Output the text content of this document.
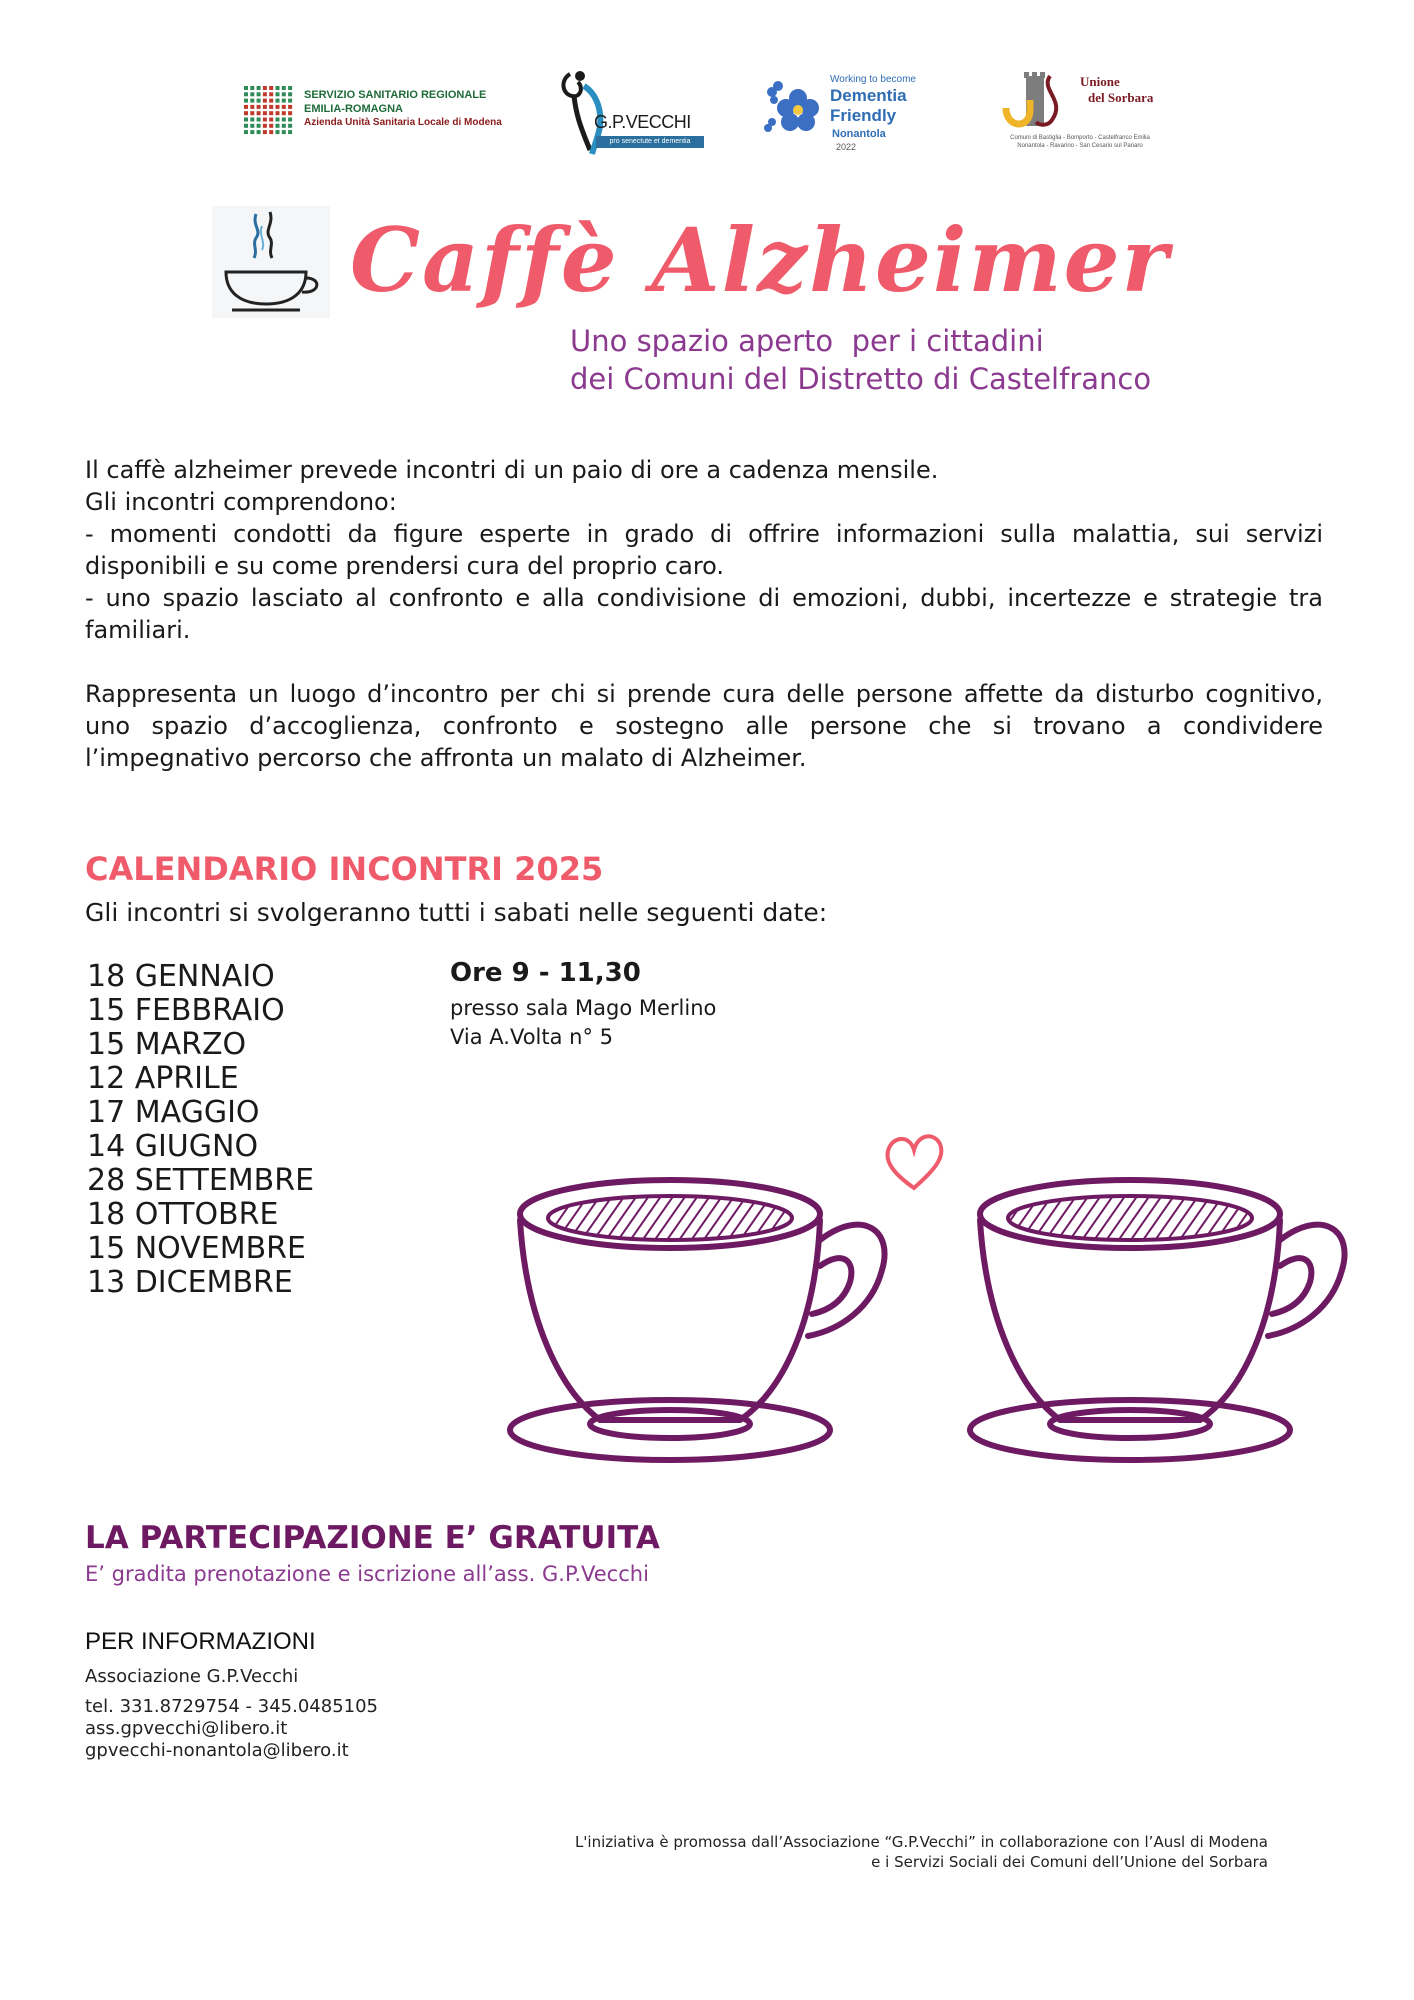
SERVIZIO SANITARIO REGIONALE
EMILIA-ROMAGNA
Azienda Unità Sanitaria Locale di Modena	G.P.VECCHI
pro senectute et dementia
Working to become
Dementia
Friendly
Nonantola
2022
Unione
del Sorbara
Comuni di Bastiglia - Bomporto - Castelfranco Emilia Nonantola - Ravarino - San Cesario sul Panaro
Caffè Alzheimer
Uno spazio aperto  per i cittadini
dei Comuni del Distretto di Castelfranco

Il caffè alzheimer prevede incontri di un paio di ore a cadenza mensile.

Gli incontri comprendono:

- momenti condotti da figure esperte in grado di offrire informazioni sulla malattia, sui servizi disponibili e su come prendersi cura del proprio caro.

- uno spazio lasciato al confronto e alla condivisione di emozioni, dubbi, incertezze e strategie tra familiari.

Rappresenta un luogo d’incontro per chi si prende cura delle persone affette da disturbo cognitivo, uno spazio d’accoglienza, confronto e sostegno alle persone che si trovano a condividere l’impegnativo percorso che affronta un malato di Alzheimer.
CALENDARIO INCONTRI 2025
Gli incontri si svolgeranno tutti i sabati nelle seguenti date:
18 GENNAIO
15 FEBBRAIO
15 MARZO
12 APRILE
17 MAGGIO
14 GIUGNO
28 SETTEMBRE
18 OTTOBRE
15 NOVEMBRE
13 DICEMBRE
Ore 9 - 11,30
presso sala Mago Merlino
Via A.Volta n° 5
LA PARTECIPAZIONE E’ GRATUITA
E’ gradita prenotazione e iscrizione all’ass. G.P.Vecchi
PER INFORMAZIONI
Associazione G.P.Vecchi
tel. 331.8729754 - 345.0485105
ass.gpvecchi@libero.it
gpvecchi-nonantola@libero.it
L'iniziativa è promossa dall’Associazione “G.P.Vecchi” in collaborazione con l’Ausl di Modena
e i Servizi Sociali dei Comuni dell’Unione del Sorbara
